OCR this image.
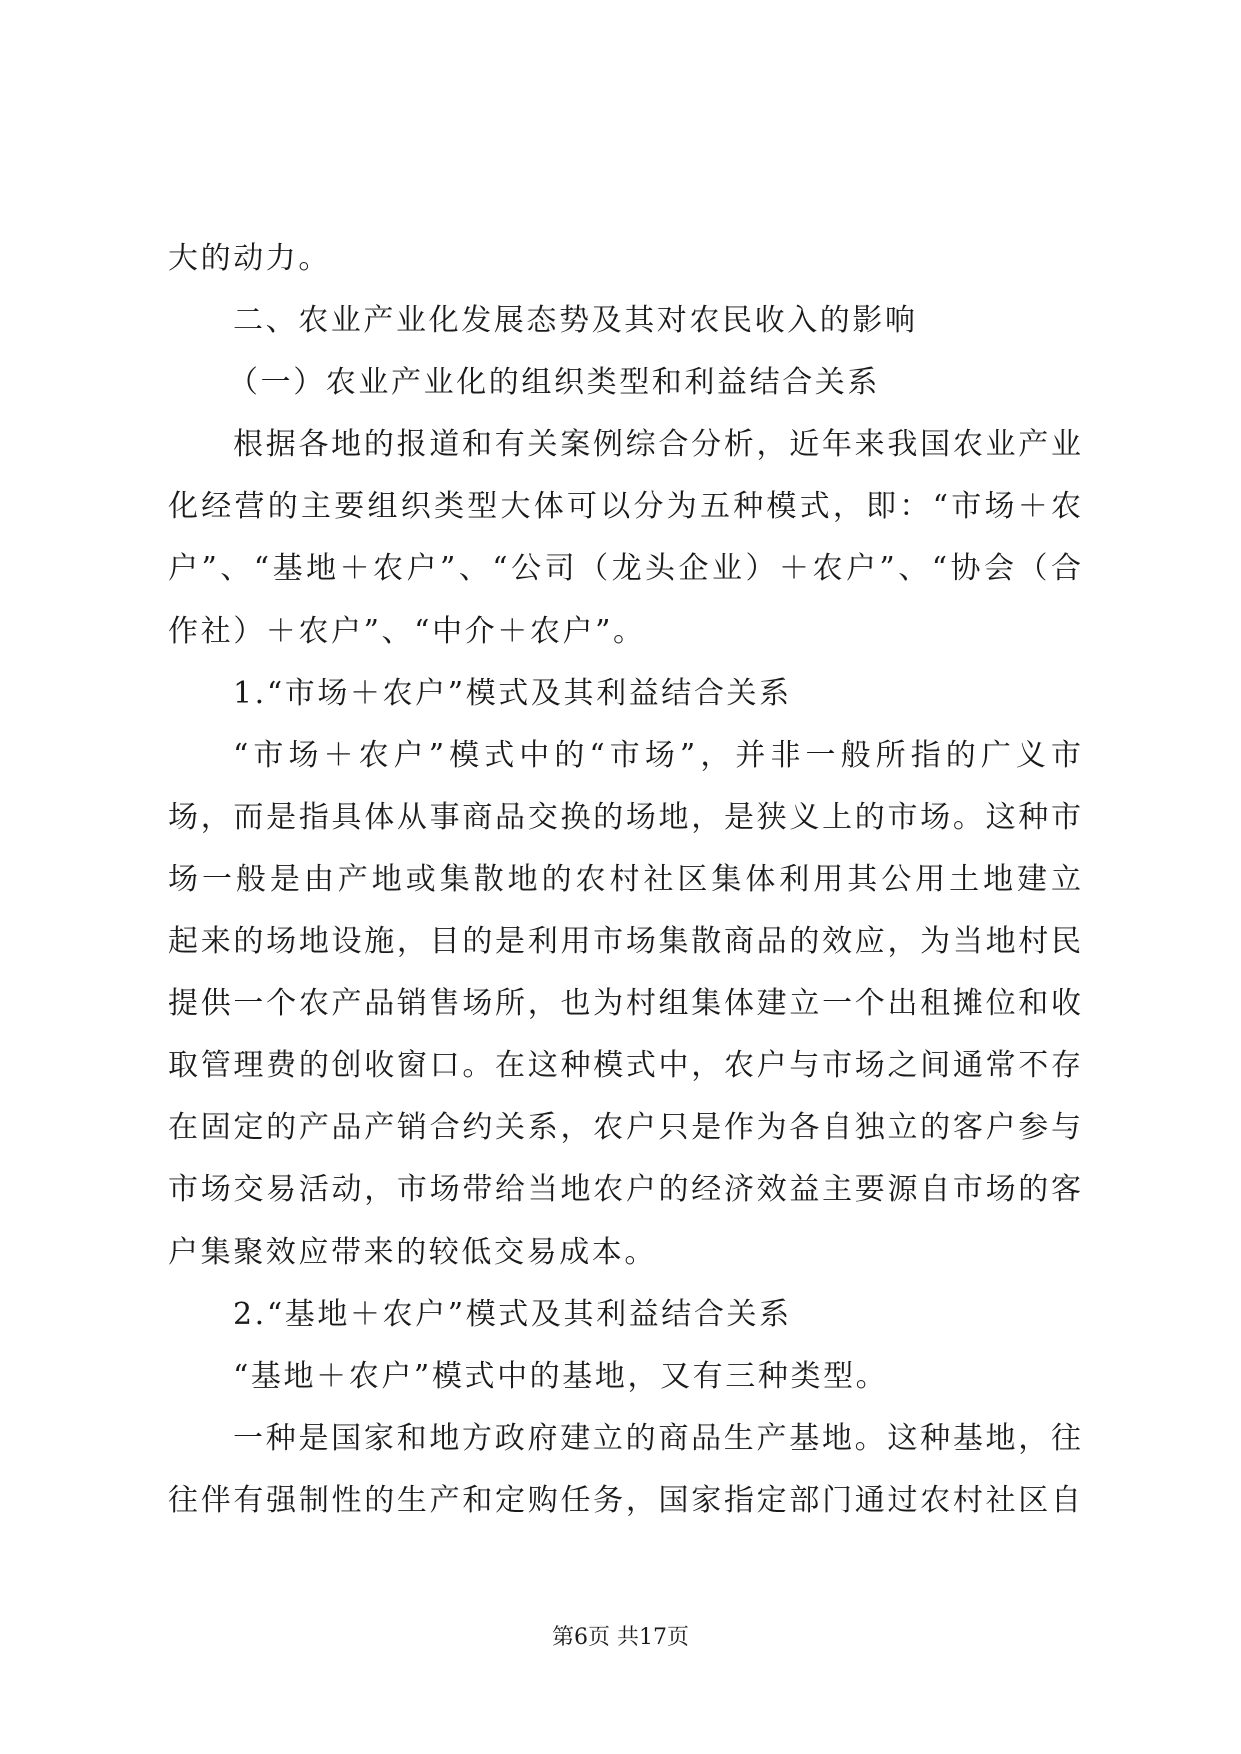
大的动力。
二、农业产业化发展态势及其对农民收入的影响
（一）农业产业化的组织类型和利益结合关系
根据各地的报道和有关案例综合分析，近年来我国农业产业
化经营的主要组织类型大体可以分为五种模式，即：“市场＋农
户”、“基地＋农户”、“公司（龙头企业）＋农户”、“协会（合
作社）＋农户”、“中介＋农户”。
1.“市场＋农户”模式及其利益结合关系
“市场＋农户”模式中的“市场”，并非一般所指的广义市
场，而是指具体从事商品交换的场地，是狭义上的市场。这种市
场一般是由产地或集散地的农村社区集体利用其公用土地建立
起来的场地设施，目的是利用市场集散商品的效应，为当地村民
提供一个农产品销售场所，也为村组集体建立一个出租摊位和收
取管理费的创收窗口。在这种模式中，农户与市场之间通常不存
在固定的产品产销合约关系，农户只是作为各自独立的客户参与
市场交易活动，市场带给当地农户的经济效益主要源自市场的客
户集聚效应带来的较低交易成本。
2.“基地＋农户”模式及其利益结合关系
“基地＋农户”模式中的基地，又有三种类型。
一种是国家和地方政府建立的商品生产基地。这种基地，往
往伴有强制性的生产和定购任务，国家指定部门通过农村社区自
第6页 共17页
